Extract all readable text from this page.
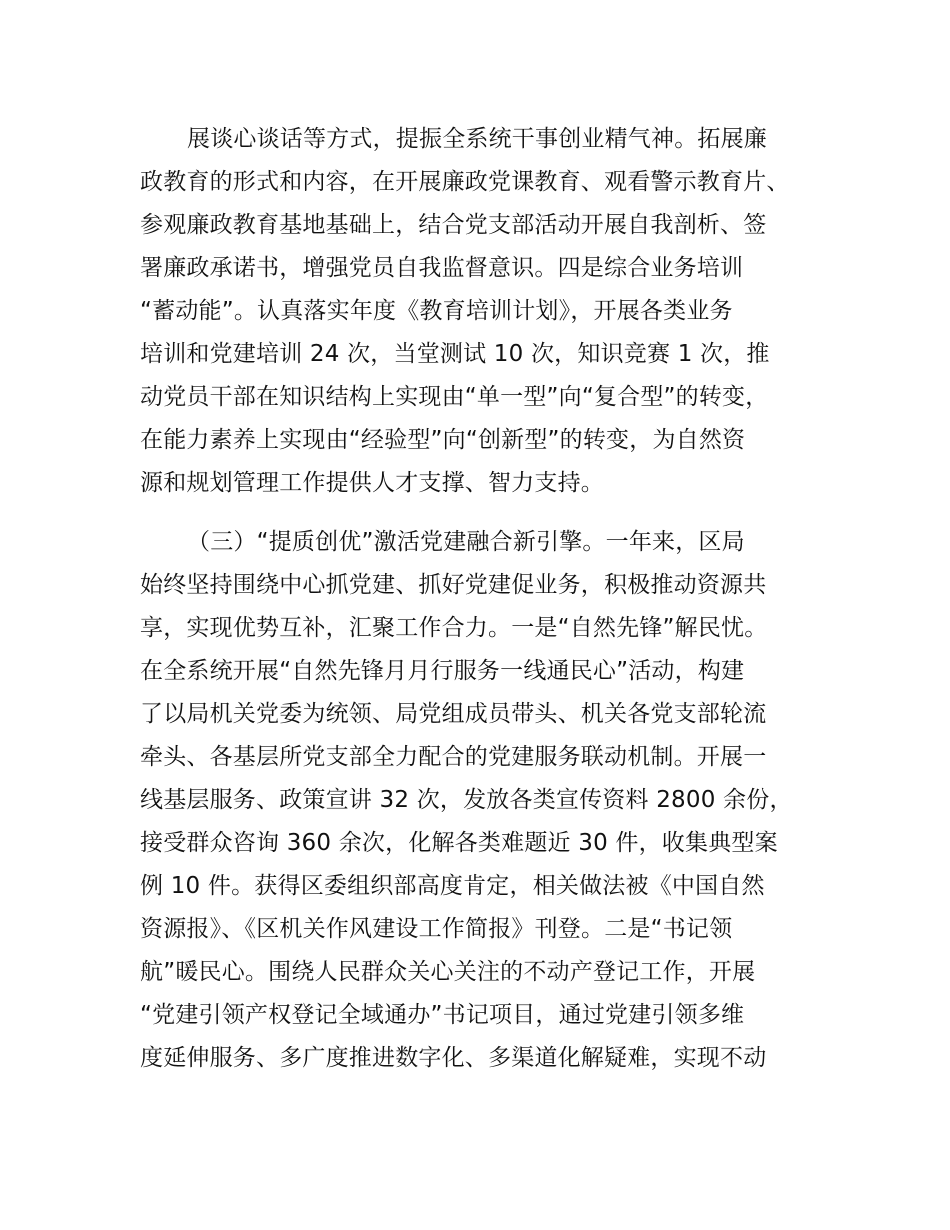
展谈心谈话等方式，提振全系统干事创业精气神。拓展廉
政教育的形式和内容，在开展廉政党课教育、观看警示教育片、
参观廉政教育基地基础上，结合党支部活动开展自我剖析、签
署廉政承诺书，增强党员自我监督意识。四是综合业务培训
“蓄动能”。认真落实年度《教育培训计划》，开展各类业务
培训和党建培训 24 次，当堂测试 10 次，知识竞赛 1 次，推
动党员干部在知识结构上实现由“单一型”向“复合型”的转变，
在能力素养上实现由“经验型”向“创新型”的转变，为自然资
源和规划管理工作提供人才支撑、智力支持。
（三）“提质创优”激活党建融合新引擎。一年来，区局
始终坚持围绕中心抓党建、抓好党建促业务，积极推动资源共
享，实现优势互补，汇聚工作合力。一是“自然先锋”解民忧。
在全系统开展“自然先锋月月行服务一线通民心”活动，构建
了以局机关党委为统领、局党组成员带头、机关各党支部轮流
牵头、各基层所党支部全力配合的党建服务联动机制。开展一
线基层服务、政策宣讲 32 次，发放各类宣传资料 2800 余份，
接受群众咨询 360 余次，化解各类难题近 30 件，收集典型案
例 10 件。获得区委组织部高度肯定，相关做法被《中国自然
资源报》、《区机关作风建设工作简报》刊登。二是“书记领
航”暖民心。围绕人民群众关心关注的不动产登记工作，开展
“党建引领产权登记全域通办”书记项目，通过党建引领多维
度延伸服务、多广度推进数字化、多渠道化解疑难，实现不动
